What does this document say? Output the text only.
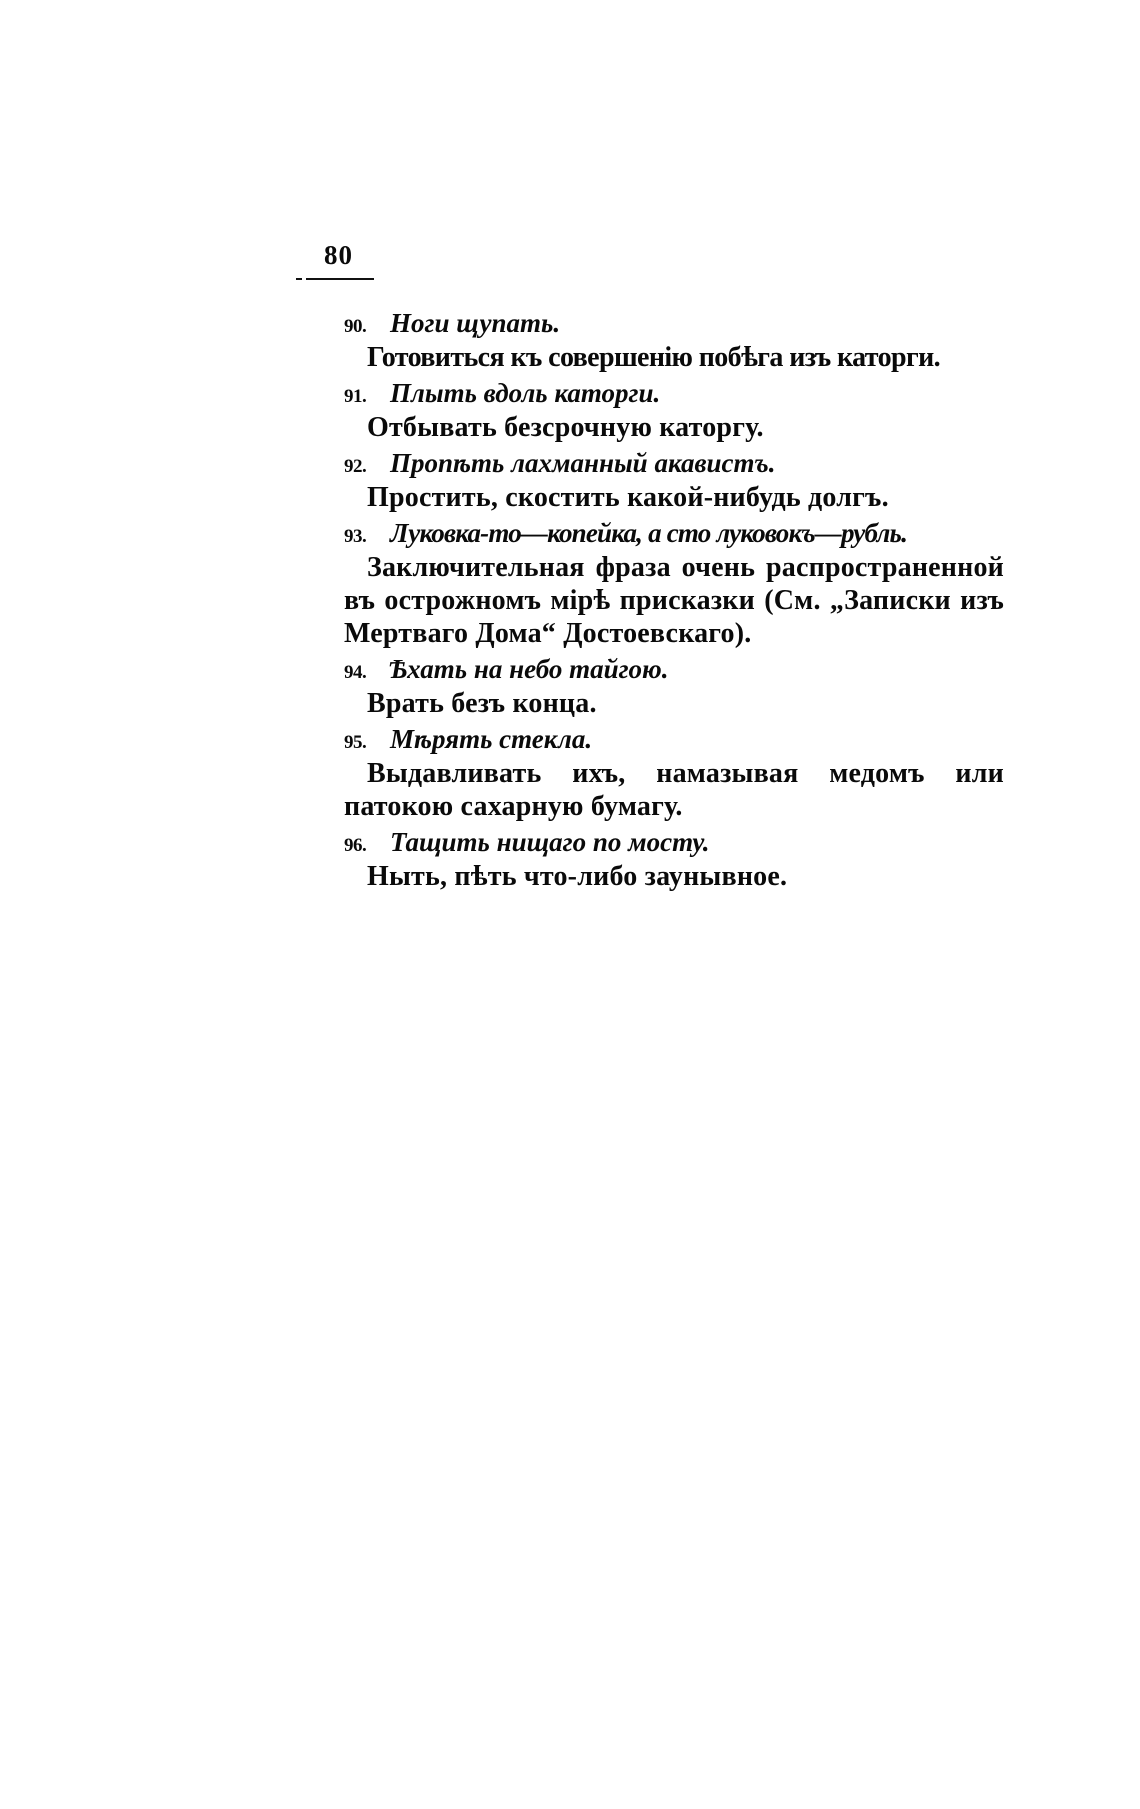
80
90. Ноги щупать.

Готовиться къ совершенію побѣга изъ каторги.

91. Плыть вдоль каторги.

Отбывать безсрочную каторгу.

92. Пропѣть лахманный акавистъ.

Простить, скостить какой-нибудь долгъ.

93. Луковка-то—копейка, а сто луковокъ—рубль.

Заключительная фраза очень распространенной въ острожномъ мірѣ присказки (См. „Записки изъ Мертваго Дома“ Достоевскаго).

94. Ѣхать на небо тайгою.

Врать безъ конца.

95. Мѣрять стекла.

Выдавливать ихъ, намазывая медомъ или патокою сахарную бумагу.

96. Тащить нищаго по мосту.

Ныть, пѣть что-либо заунывное.
